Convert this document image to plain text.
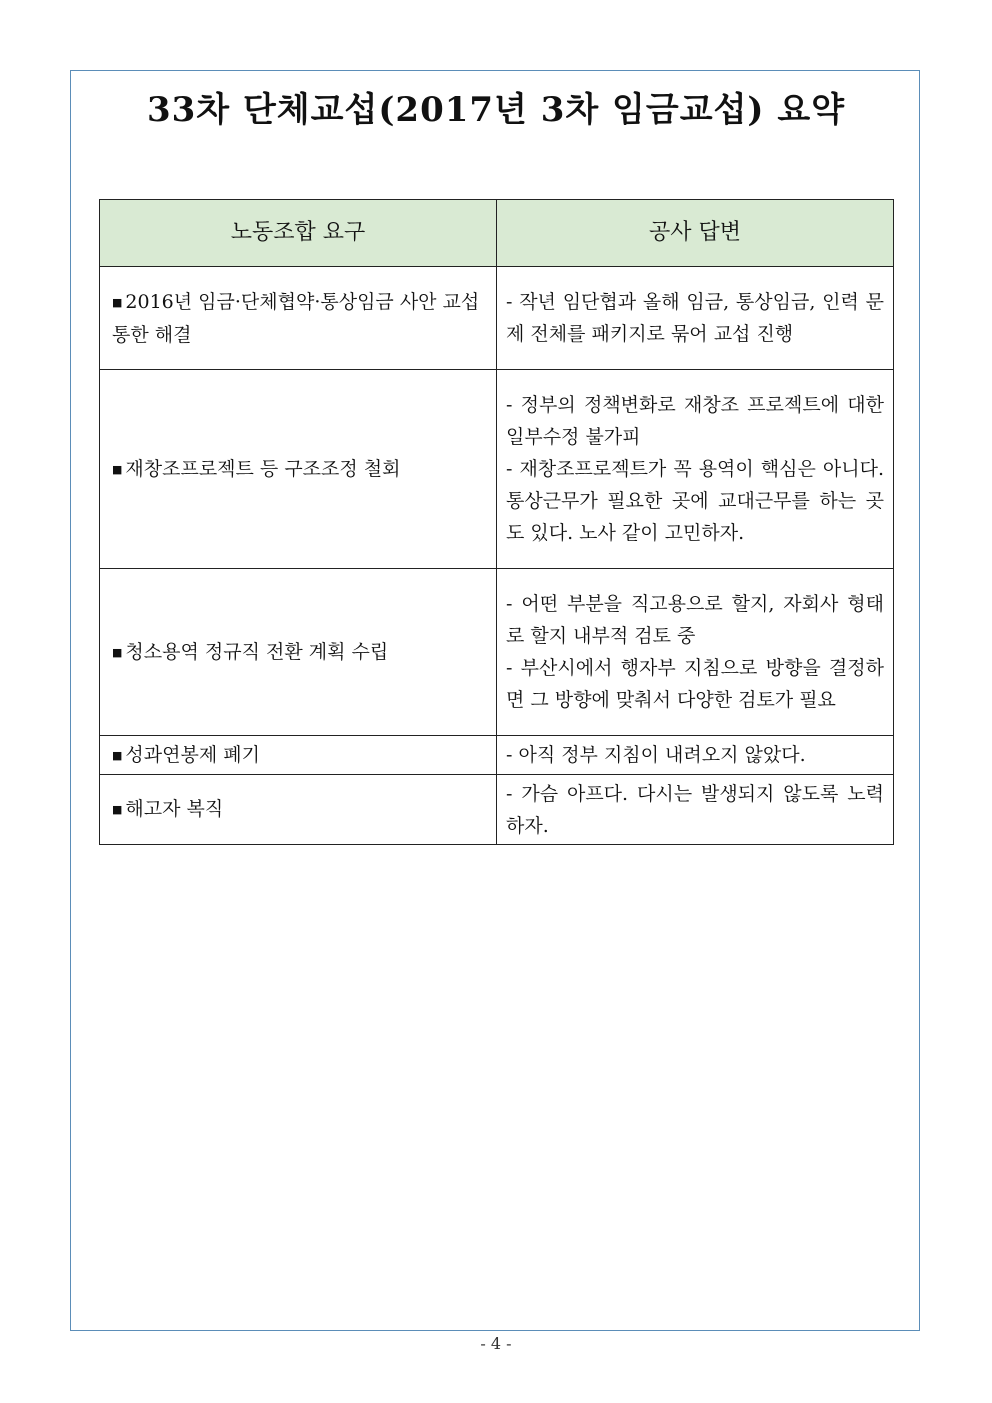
33차 단체교섭(2017년 3차 임금교섭) 요약
노동조합 요구	공사 답변
■ 2016년 임금·단체협약·통상임금 사안 교섭 통한 해결	- 작년 임단협과 올해 임금, 통상임금, 인력 문제 전체를 패키지로 묶어 교섭 진행

■ 재창조프로젝트 등 구조조정 철회	- 정부의 정책변화로 재창조 프로젝트에 대한 일부수정 불가피
- 재창조프로젝트가 꼭 용역이 핵심은 아니다. 통상근무가 필요한 곳에 교대근무를 하는 곳도 있다. 노사 같이 고민하자.

■ 청소용역 정규직 전환 계획 수립	- 어떤 부분을 직고용으로 할지, 자회사 형태로 할지 내부적 검토 중
- 부산시에서 행자부 지침으로 방향을 결정하면 그 방향에 맞춰서 다양한 검토가 필요

■ 성과연봉제 폐기	- 아직 정부 지침이 내려오지 않았다.

■ 해고자 복직	- 가슴 아프다. 다시는 발생되지 않도록 노력하자.
- 4 -
